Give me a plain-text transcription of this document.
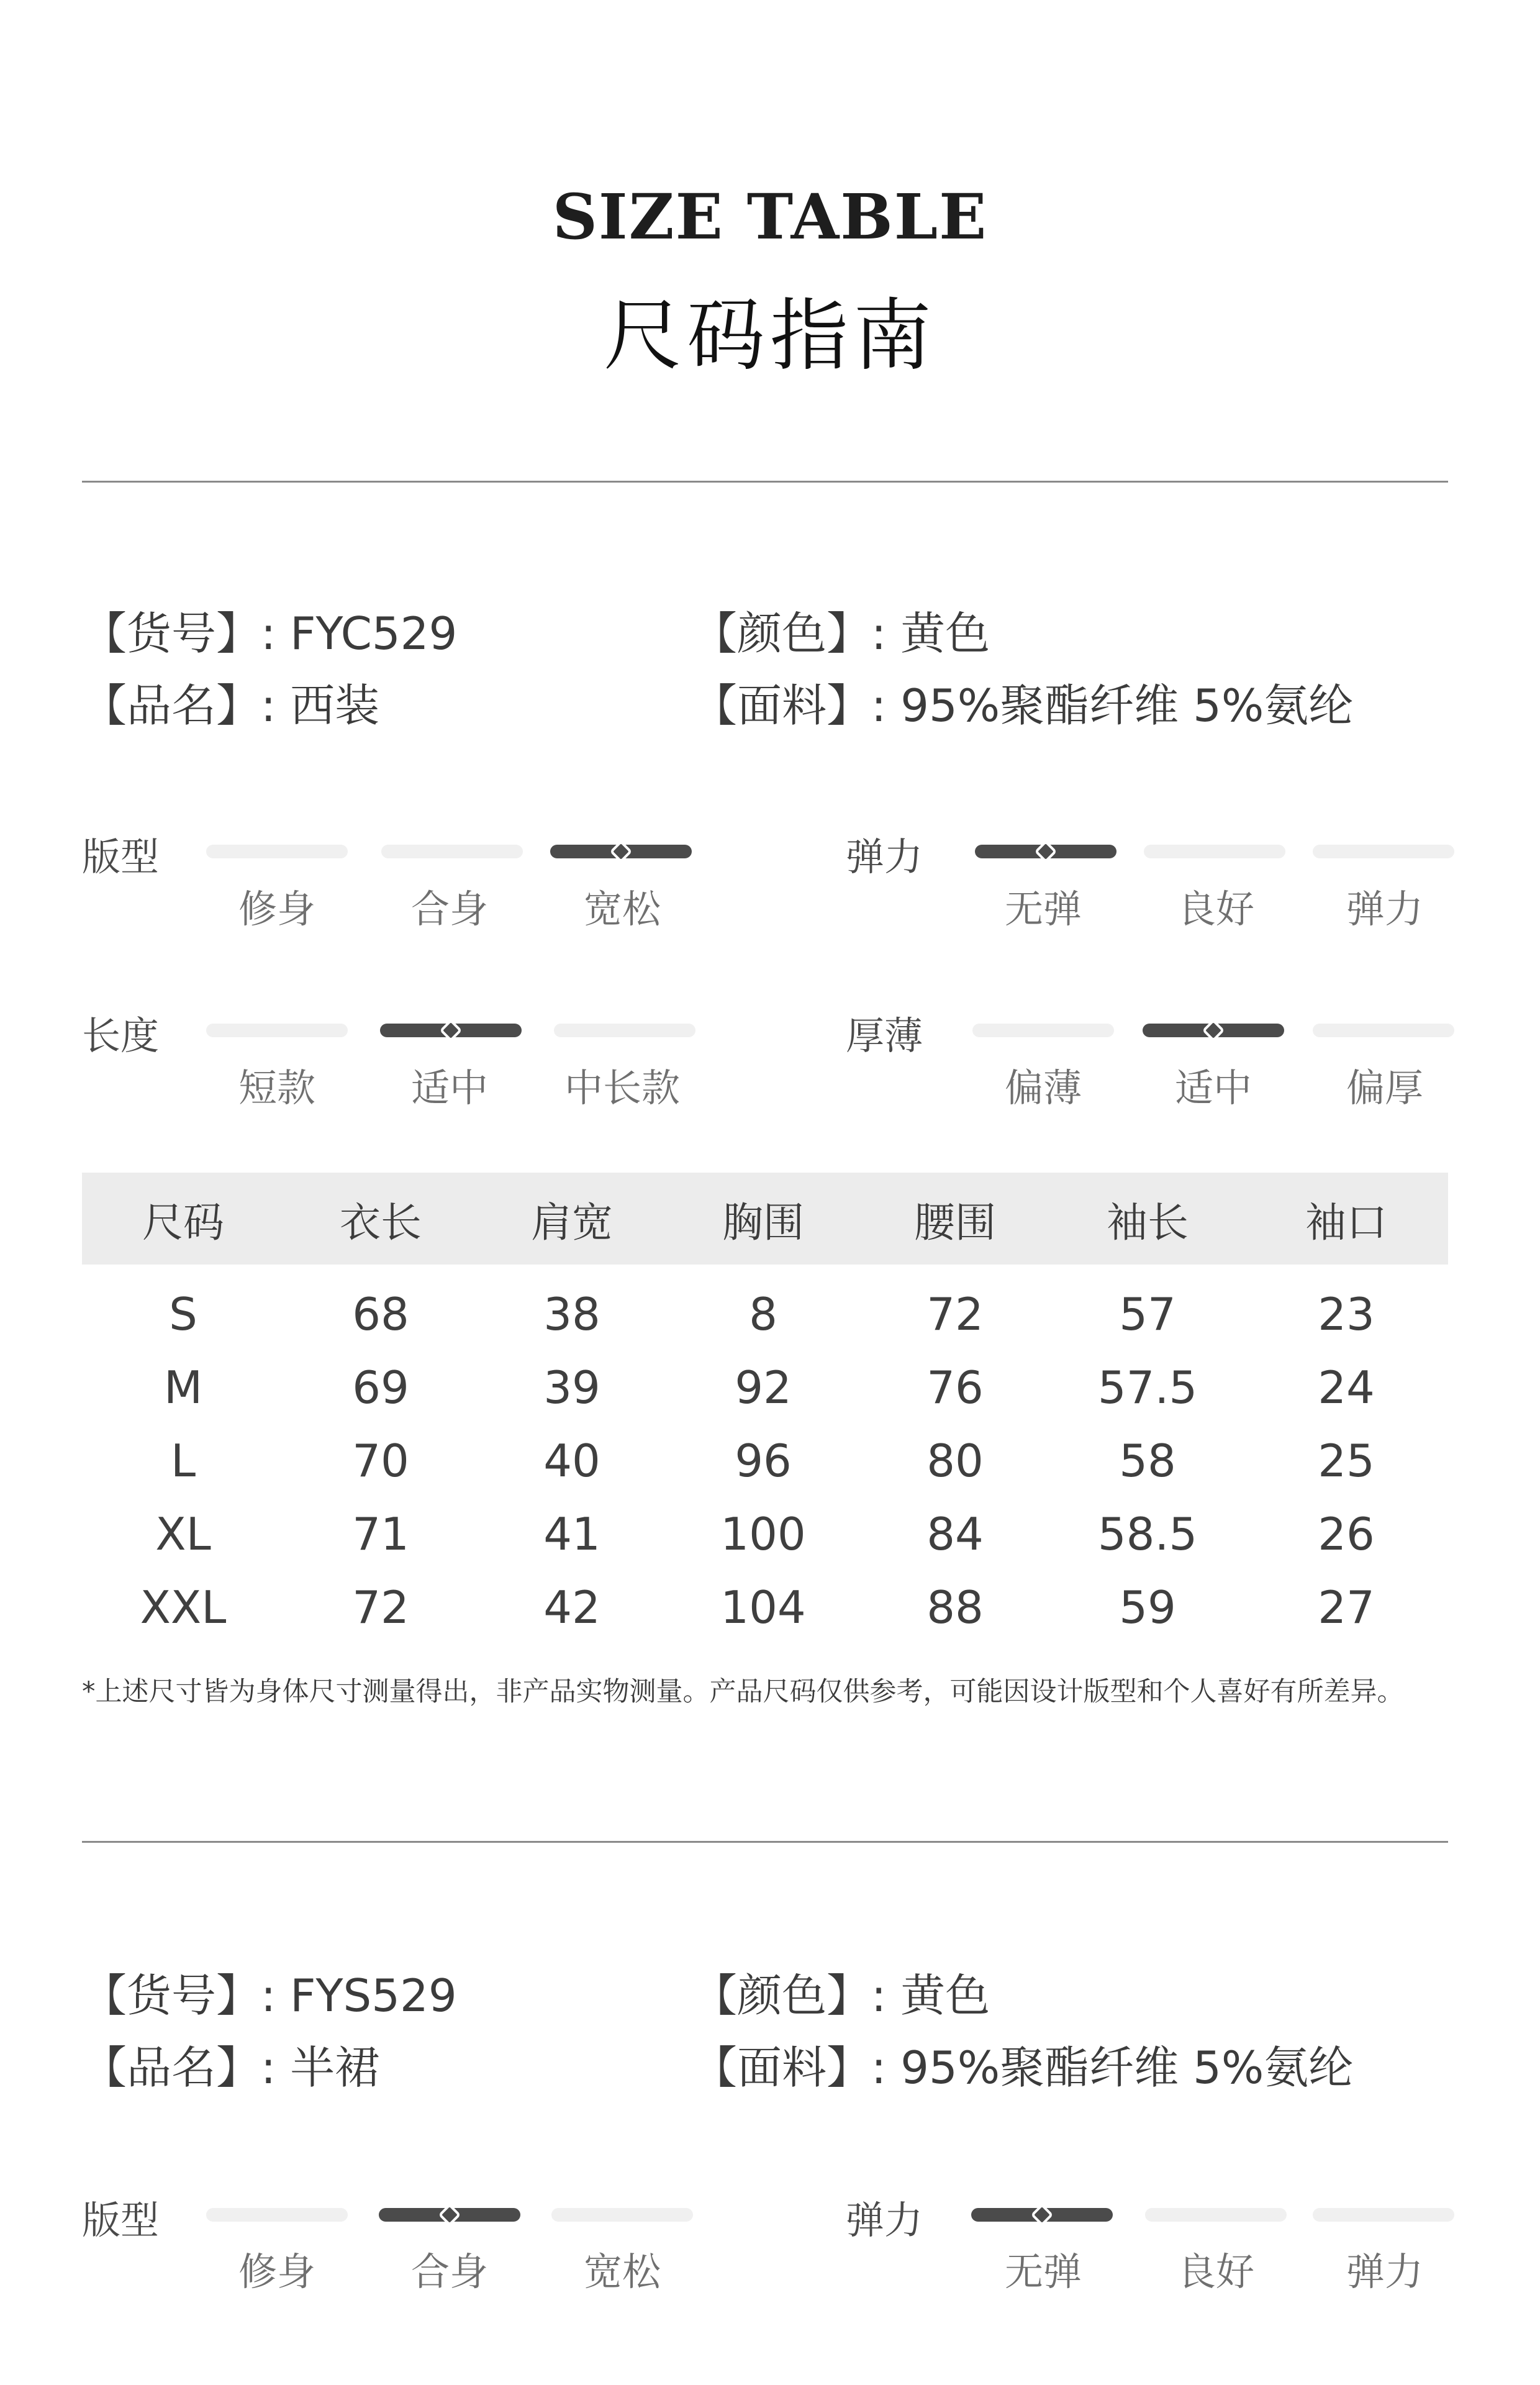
SIZE TABLE
尺码指南
【货号】: FYC529	【颜色】: 黄色
【品名】: 西装	【面料】: 95%聚酯纤维 5%氨纶
版型
修身	合身	宽松
弹力
无弹	良好	弹力
长度
短款	适中	中长款
厚薄
偏薄	适中	偏厚
尺码	衣长	肩宽	胸围	腰围	袖长	袖口
S	68	38	8	72	57	23
M	69	39	92	76	57.5	24
L	70	40	96	80	58	25
XL	71	41	100	84	58.5	26
XXL	72	42	104	88	59	27
*上述尺寸皆为身体尺寸测量得出，非产品实物测量。产品尺码仅供参考，可能因设计版型和个人喜好有所差异。
【货号】: FYS529	【颜色】: 黄色
【品名】: 半裙	【面料】: 95%聚酯纤维 5%氨纶
版型
修身	合身	宽松
弹力
无弹	良好	弹力
